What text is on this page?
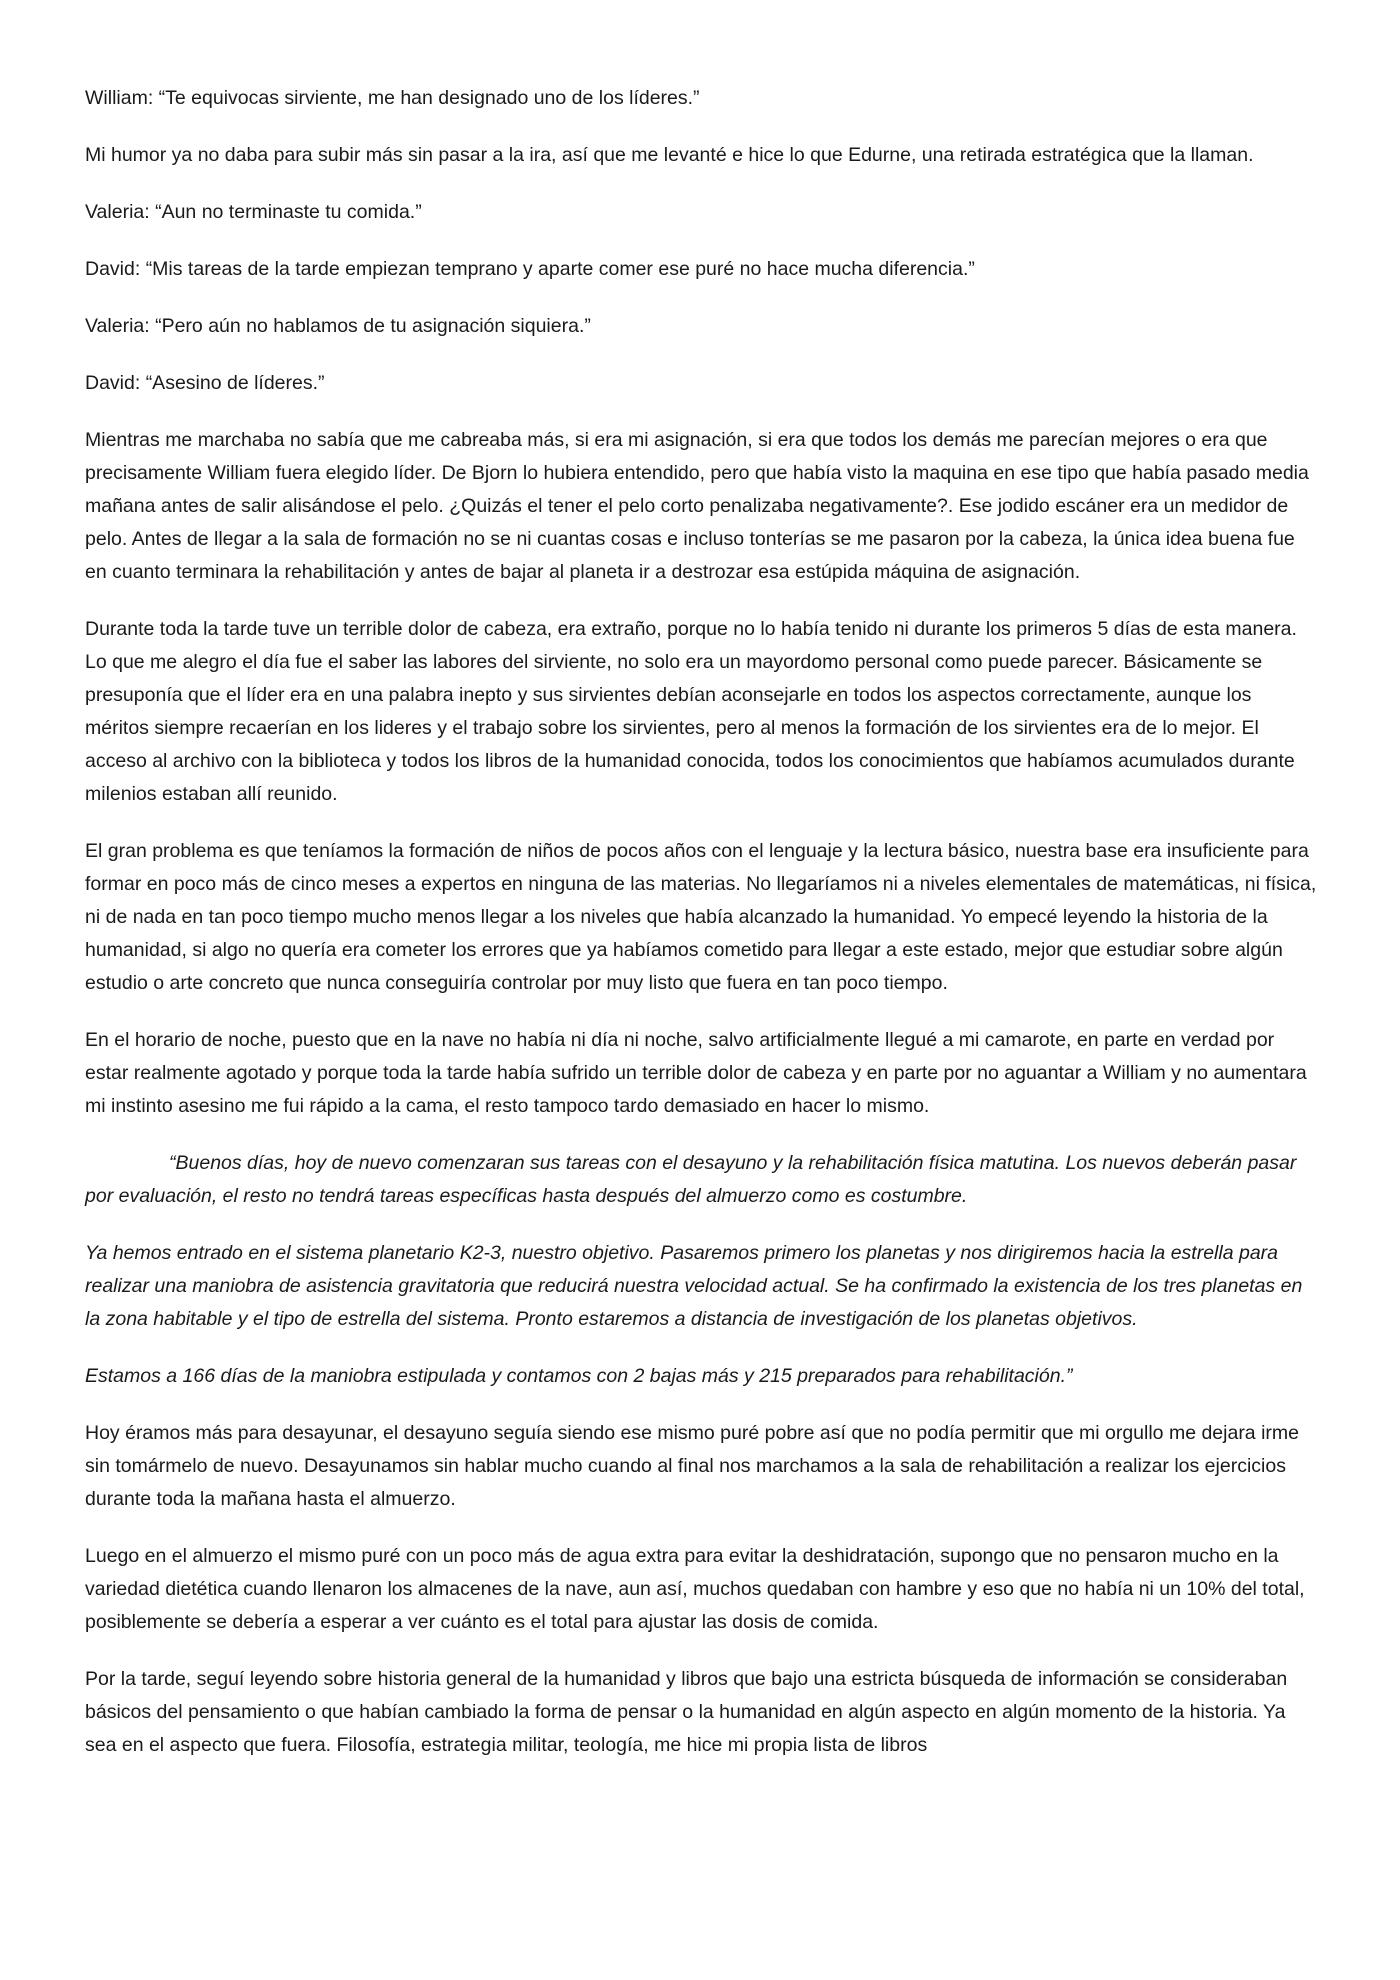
William: “Te equivocas sirviente, me han designado uno de los líderes.”

Mi humor ya no daba para subir más sin pasar a la ira, así que me levanté e hice lo que Edurne, una retirada estratégica que la llaman.

Valeria: “Aun no terminaste tu comida.”

David: “Mis tareas de la tarde empiezan temprano y aparte comer ese puré no hace mucha diferencia.”

Valeria: “Pero aún no hablamos de tu asignación siquiera.”

David: “Asesino de líderes.”

Mientras me marchaba no sabía que me cabreaba más, si era mi asignación, si era que todos los demás me parecían mejores o era que precisamente William fuera elegido líder. De Bjorn lo hubiera entendido, pero que había visto la maquina en ese tipo que había pasado media mañana antes de salir alisándose el pelo. ¿Quizás el tener el pelo corto penalizaba negativamente?. Ese jodido escáner era un medidor de pelo. Antes de llegar a la sala de formación no se ni cuantas cosas e incluso tonterías se me pasaron por la cabeza, la única idea buena fue en cuanto terminara la rehabilitación y antes de bajar al planeta ir a destrozar esa estúpida máquina de asignación.

Durante toda la tarde tuve un terrible dolor de cabeza, era extraño, porque no lo había tenido ni durante los primeros 5 días de esta manera. Lo que me alegro el día fue el saber las labores del sirviente, no solo era un mayordomo personal como puede parecer. Básicamente se presuponía que el líder era en una palabra inepto y sus sirvientes debían aconsejarle en todos los aspectos correctamente, aunque los méritos siempre recaerían en los lideres y el trabajo sobre los sirvientes, pero al menos la formación de los sirvientes era de lo mejor. El acceso al archivo con la biblioteca y todos los libros de la humanidad conocida, todos los conocimientos que habíamos acumulados durante milenios estaban allí reunido.

El gran problema es que teníamos la formación de niños de pocos años con el lenguaje y la lectura básico, nuestra base era insuficiente para formar en poco más de cinco meses a expertos en ninguna de las materias. No llegaríamos ni a niveles elementales de matemáticas, ni física, ni de nada en tan poco tiempo mucho menos llegar a los niveles que había alcanzado la humanidad. Yo empecé leyendo la historia de la humanidad, si algo no quería era cometer los errores que ya habíamos cometido para llegar a este estado, mejor que estudiar sobre algún estudio o arte concreto que nunca conseguiría controlar por muy listo que fuera en tan poco tiempo.

En el horario de noche, puesto que en la nave no había ni día ni noche, salvo artificialmente llegué a mi camarote, en parte en verdad por estar realmente agotado y porque toda la tarde había sufrido un terrible dolor de cabeza y en parte por no aguantar a William y no aumentara mi instinto asesino me fui rápido a la cama, el resto tampoco tardo demasiado en hacer lo mismo.

“Buenos días, hoy de nuevo comenzaran sus tareas con el desayuno y la rehabilitación física matutina. Los nuevos deberán pasar por evaluación, el resto no tendrá tareas específicas hasta después del almuerzo como es costumbre.

Ya hemos entrado en el sistema planetario K2-3, nuestro objetivo. Pasaremos primero los planetas y nos dirigiremos hacia la estrella para realizar una maniobra de asistencia gravitatoria que reducirá nuestra velocidad actual. Se ha confirmado la existencia de los tres planetas en la zona habitable y el tipo de estrella del sistema. Pronto estaremos a distancia de investigación de los planetas objetivos.

Estamos a 166 días de la maniobra estipulada y contamos con 2 bajas más y 215 preparados para rehabilitación.”

Hoy éramos más para desayunar, el desayuno seguía siendo ese mismo puré pobre así que no podía permitir que mi orgullo me dejara irme sin tomármelo de nuevo. Desayunamos sin hablar mucho cuando al final nos marchamos a la sala de rehabilitación a realizar los ejercicios durante toda la mañana hasta el almuerzo.

Luego en el almuerzo el mismo puré con un poco más de agua extra para evitar la deshidratación, supongo que no pensaron mucho en la variedad dietética cuando llenaron los almacenes de la nave, aun así, muchos quedaban con hambre y eso que no había ni un 10% del total, posiblemente se debería a esperar a ver cuánto es el total para ajustar las dosis de comida.

Por la tarde, seguí leyendo sobre historia general de la humanidad y libros que bajo una estricta búsqueda de información se consideraban básicos del pensamiento o que habían cambiado la forma de pensar o la humanidad en algún aspecto en algún momento de la historia. Ya sea en el aspecto que fuera. Filosofía, estrategia militar, teología, me hice mi propia lista de libros
